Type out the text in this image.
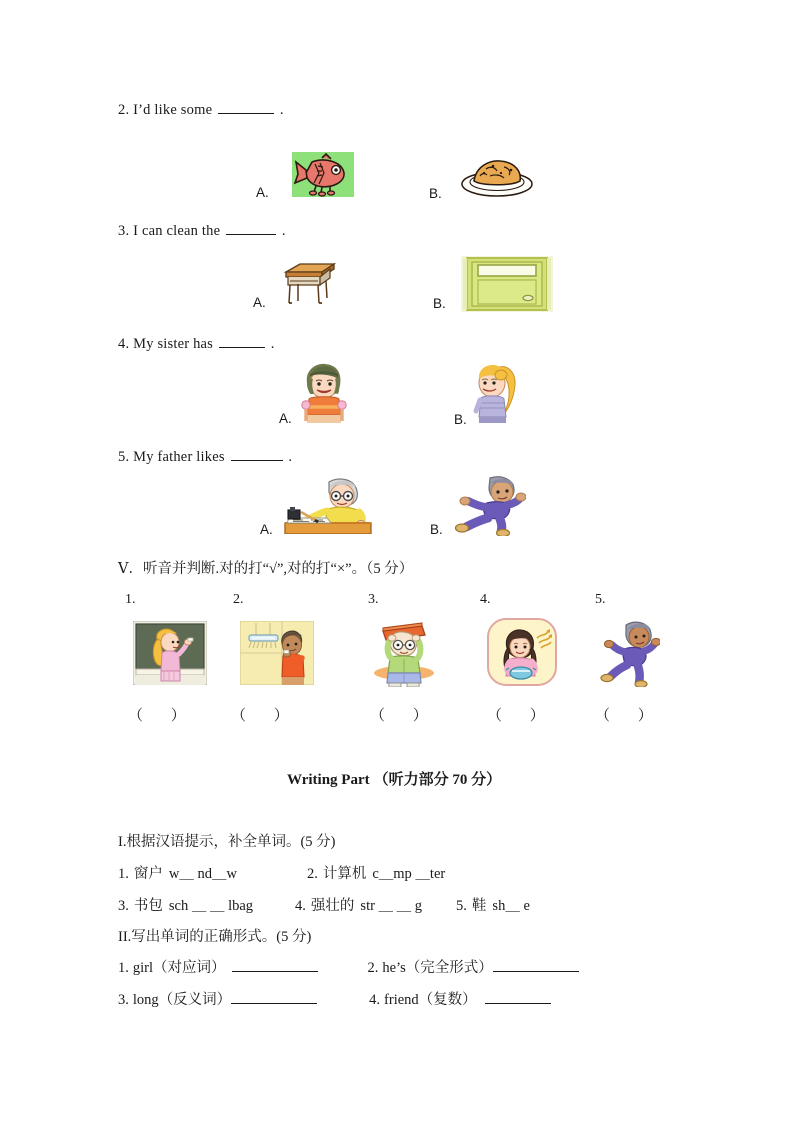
2. I’d like some	.
A.	B.
3. I can clean the	.
A.	B.
4. My sister has	.
A.	B.
5. My father likes	.
A.	B.
Ⅴ．听音并判断.对的打“√”,对的打“×”。（5 分）
1.	2.	3.	4.	5.
（ ） （ ）	（ ）	（ ）	（ ）
Writing Part （听力部分 70 分）
I.根据汉语提示，补全单词。(5 分)
1. 窗户 w＿ nd＿w	2. 计算机 c＿mp ＿ter
3. 书包 sch ＿ ＿ lbag	4. 强壮的 str ＿ ＿ g 5. 鞋 sh＿ e
II.写出单词的正确形式。(5 分)
1. girl（对应词）	2. he’s（完全形式）
3. long（反义词）	4. friend（复数）
